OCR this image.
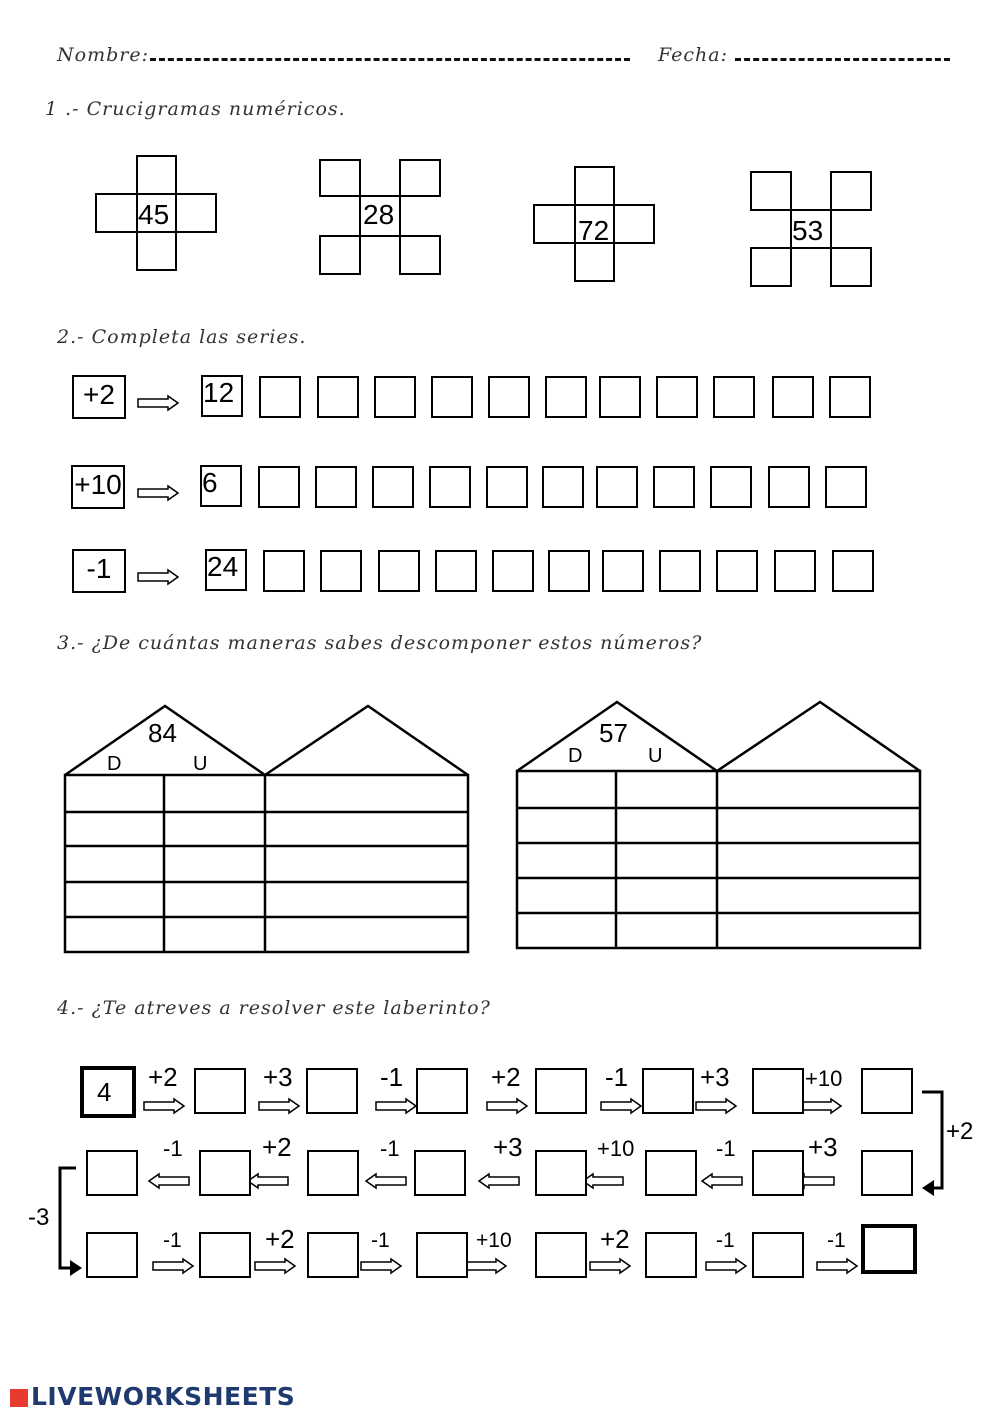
Nombre:	Fecha:
1 .- Crucigramas numéricos.
2.- Completa las series.
3.- ¿De cuántas maneras sabes descomponer estos números?
4.- ¿Te atreves a resolver este laberinto?
45	28
72	53
+2	12
+10	6
-1	24
84
D	U
57
D	U
4 +2	+3	-1	+2	-1	+3	+10
-1	+2	-1	+3	+10	-1	+3
-1	+2	-1	+10	+2	-1	-1
+2
-3
LIVEWORKSHEETS
